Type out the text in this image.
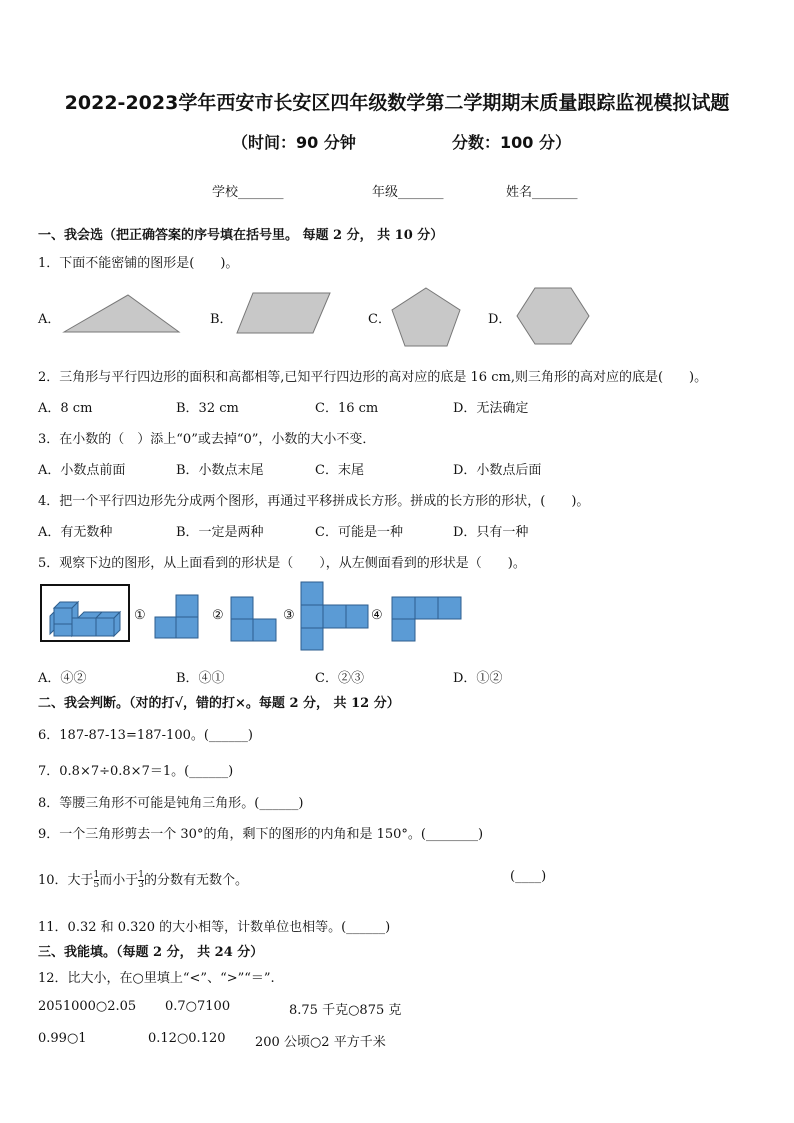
2022-2023学年西安市长安区四年级数学第二学期期末质量跟踪监视模拟试题
（时间：90 分钟	分数：100 分）
学校_______	年级_______	姓名_______
一、我会选（把正确答案的序号填在括号里。 每题 2 分， 共 10 分）
1．下面不能密铺的图形是(　　)。
A．	B．	C．	D．
2．三角形与平行四边形的面积和高都相等,已知平行四边形的高对应的底是 16 cm,则三角形的高对应的底是(　　)。
A．8 cm	B．32 cm	C．16 cm	D．无法确定
3．在小数的（　）添上“0”或去掉“0”，小数的大小不变．
A．小数点前面	B．小数点末尾	C．末尾	D．小数点后面
4．把一个平行四边形先分成两个图形，再通过平移拼成长方形。拼成的长方形的形状，(　　)。
A．有无数种	B．一定是两种	C．可能是一种	D．只有一种
5．观察下边的图形，从上面看到的形状是（　　），从左侧面看到的形状是（　　)。
①	②	③	④
A．④②	B．④①	C．②③	D．①②
二、我会判断。（对的打√，错的打×。每题 2 分， 共 12 分）
6．187-87-13=187-100。(______)
7．0.8×7÷0.8×7＝1。(______)
8．等腰三角形不可能是钝角三角形。(______)
9．一个三角形剪去一个 30°的角，剩下的图形的内角和是 150°。(________)
10．大于 $\frac{1}{5}$ 而小于 $\frac{1}{3}$ 的分数有无数个。	(____)
11．0.32 和 0.320 的大小相等，计数单位也相等。(______)
三、我能填。（每题 2 分， 共 24 分）
12．比大小，在○里填上“<”、“>”“＝”.
2051000○2.05 0.7○7100	8.75 千克○875 克
0.99○1	0.12○0.120 200 公顷○2 平方千米
